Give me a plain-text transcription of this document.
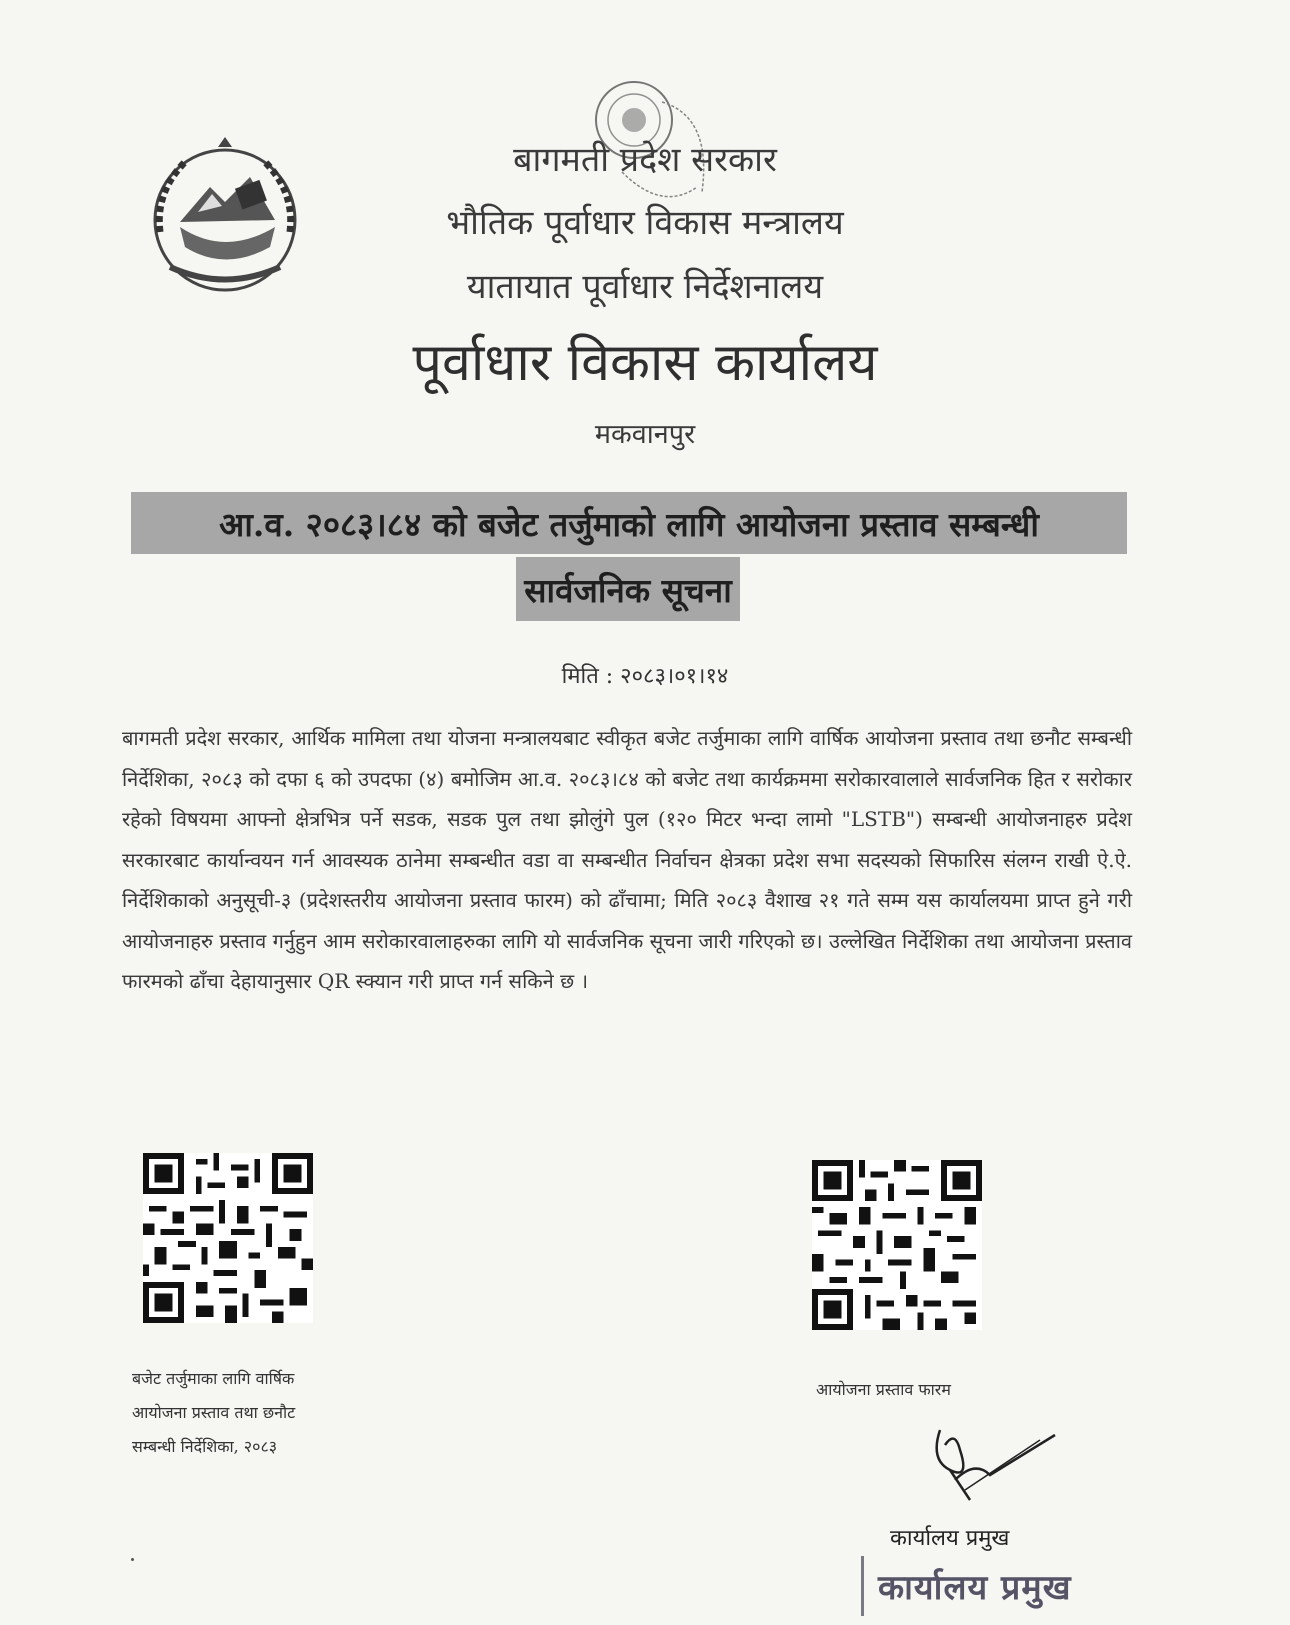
बागमती प्रदेश सरकार
भौतिक पूर्वाधार विकास मन्त्रालय
यातायात पूर्वाधार निर्देशनालय
पूर्वाधार विकास कार्यालय
मकवानपुर
आ.व. २०८३।८४ को बजेट तर्जुमाको लागि आयोजना प्रस्ताव सम्बन्धी
सार्वजनिक सूचना
मिति : २०८३।०१।१४
बागमती प्रदेश सरकार, आर्थिक मामिला तथा योजना मन्त्रालयबाट स्वीकृत बजेट तर्जुमाका लागि वार्षिक आयोजना प्रस्ताव तथा छनौट सम्बन्धी निर्देशिका, २०८३ को दफा ६ को उपदफा (४) बमोजिम आ.व. २०८३।८४ को बजेट तथा कार्यक्रममा सरोकारवालाले सार्वजनिक हित र सरोकार रहेको विषयमा आफ्नो क्षेत्रभित्र पर्ने सडक, सडक पुल तथा झोलुंगे पुल (१२० मिटर भन्दा लामो "LSTB") सम्बन्धी आयोजनाहरु प्रदेश सरकारबाट कार्यान्वयन गर्न आवस्यक ठानेमा सम्बन्धीत वडा वा सम्बन्धीत निर्वाचन क्षेत्रका प्रदेश सभा सदस्यको सिफारिस संलग्न राखी ऐ.ऐ. निर्देशिकाको अनुसूची-३ (प्रदेशस्तरीय आयोजना प्रस्ताव फारम) को ढाँचामा; मिति २०८३ वैशाख २१ गते सम्म यस कार्यालयमा प्राप्त हुने गरी आयोजनाहरु प्रस्ताव गर्नुहुन आम सरोकारवालाहरुका लागि यो सार्वजनिक सूचना जारी गरिएको छ। उल्लेखित निर्देशिका तथा आयोजना प्रस्ताव फारमको ढाँचा देहायानुसार QR स्क्यान गरी प्राप्त गर्न सकिने छ ।
बजेट तर्जुमाका लागि वार्षिक
आयोजना प्रस्ताव तथा छनौट
सम्बन्धी निर्देशिका, २०८३
आयोजना प्रस्ताव फारम
कार्यालय प्रमुख
कार्यालय प्रमुख
